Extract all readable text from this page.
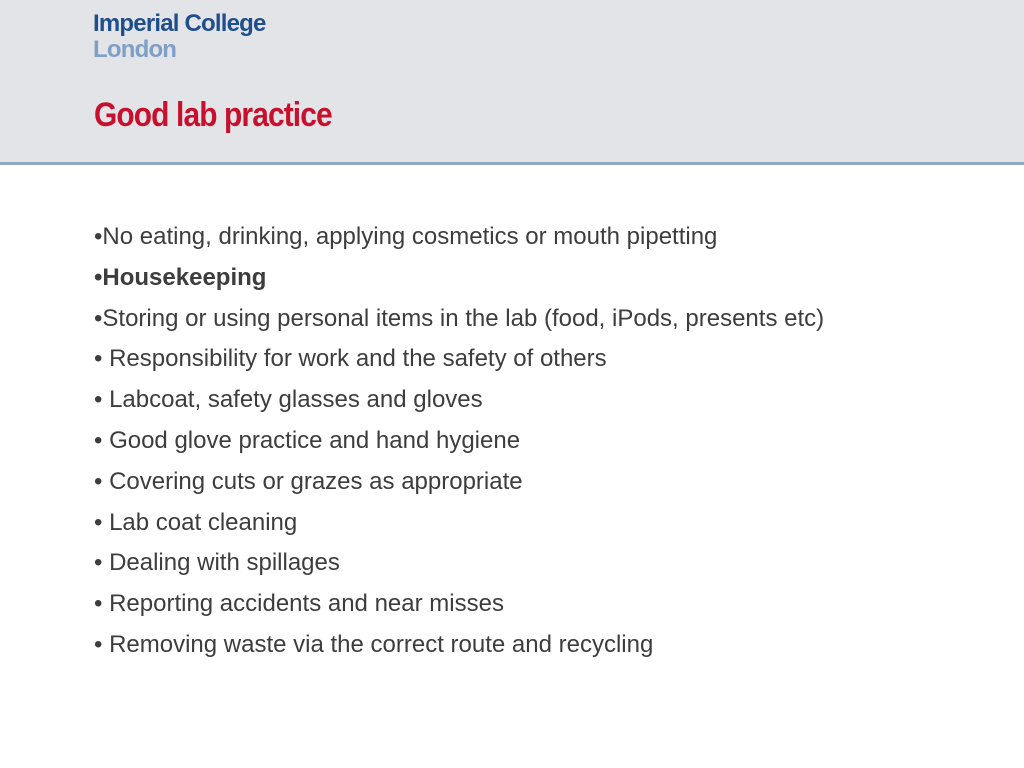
Imperial College
London
Good lab practice
•No eating, drinking, applying cosmetics or mouth pipetting
•Housekeeping
•Storing or using personal items in the lab (food, iPods, presents etc)
• Responsibility for work and the safety of others
• Labcoat, safety glasses and gloves
• Good glove practice and hand hygiene
• Covering cuts or grazes as appropriate
• Lab coat cleaning
• Dealing with spillages
• Reporting accidents and near misses
• Removing waste via the correct route and recycling
